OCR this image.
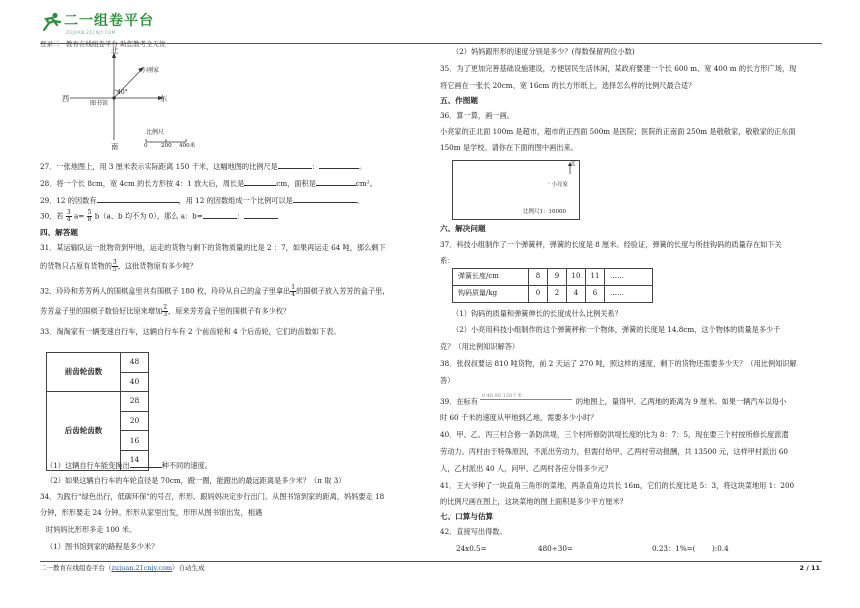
二一组卷平台
ZUJUAN.21CNJY.COM
登录二一教育在线组卷平台 助您教考全无忧
北
西	东
南
图书馆
小刚家
40°
比例尺
0 200 400米
27．一张地图上，用 3 厘米表示实际距离 150 千米，这幅地图的比例尺是	：	。
28．将一个长 8cm，宽 4cm 的长方形按 4：1 放大后，周长是	cm，面积是	cm²。
29．12 的因数有	，用 12 的因数组成一个比例可以是	。
30．若 $\frac{3}{4} a= \frac{5}{8} b(a$、b 均不为 0），那么 a：b=	：
四、解答题
31．某运输队运一批物资到甲地，运走的货物与剩下的货物质量的比是 2 ：7，如果再运走 64 吨，那么剩下
的货物只占原有货物的 $\frac{3}{5}$ ，这批货物原有多少吨？
32．玲玲和芳芳两人的围棋盒里共有围棋子 180 枚，玲玲从自己的盒子里拿出 $\frac{1}{4}$ 的围棋子放入芳芳的盒子里，
芳芳盒子里的围棋子数恰好比原来增加 $\frac{2}{3}$ ，原来芳芳盒子里的围棋子有多少枚？
33．淘淘家有一辆变速自行车，这辆自行车有 2 个前齿轮和 4 个后齿轮，它们的齿数如下表。
前齿轮齿数	48
	40
后齿轮齿数	28
	20
	16
	14
（1）这辆自行车能变换出	种不同的速度。
（2）如果这辆自行车的车轮直径是 70cm，蹬一圈，能蹬出的最远距离是多少米？（π 取 3）
34．为践行“绿色出行，低碳环保”的号召，形形、跟妈妈决定步行出门。从图书馆到家的距离，妈妈要走 18
分钟，形形要走 24 分钟。形形从家里出发，形形从图书馆出发，相遇
时妈妈比形形多走 100 米。
（1）图书馆到家的路程是多少米？
（2）妈妈跟形形的速度分别是多少？(得数保留两位小数)
35．为了更加完善基础设施建设，方便居民生活休闲，某政府要建一个长 600 m、宽 400 m 的长方形广场，现
将它画在一张长 20cm、宽 16cm 的长方形纸上，选择怎么样的比例尺最合适？
五、作图题
36．算一算，画一画。
小亮家的正北面 100m 是超市，超市的正西面 500m 是医院；医院的正南面 250m 是敬敬家，敬敬家的正东面
150m 是学校。请你在下面的图中画出来。
北
· 小亮家
比例尺1：10000
六、解决问题
37．科技小组制作了一个弹簧秤，弹簧的长度是 8 厘米。经验证，弹簧的长度与所挂钩码的质量存在如下关
系：
弹簧长度/cm	8	9	10	11	……
钩码质量/kg	0	2	4	6	……
（1）钩码的质量和弹簧伸长的长度成什么比例关系？
（2）小亮用科技小组制作的这个弹簧秤称一个物体，弹簧的长度是 14.8cm，这个物体的质量是多少千
克？（用比例知识解答）
38．张叔叔要运 810 吨货物，前 2 天运了 270 吨，照这样的速度，剩下的货物还需要多少天？（用比例知识解
答）
39．在标有
0 40 80 120千米
的地图上，量得甲、乙两地的距离为 9 厘米。如果一辆汽车以每小
时 60 千米的速度从甲地到乙地，需要多少小时？
40．甲、乙、丙三村合修一条防洪堤，三个村所修防洪堤长度的比为 8：7：5，现在要三个村按所修长度派遣
劳动力。丙村由于特殊原因，不派出劳动力，但需付给甲、乙两村劳动报酬，共 13500 元，这样甲村派出 60
人，乙村派出 40 人，问甲、乙两村各应分得多少元？
41．王大爷种了一块直角三角形的菜地，两条直角边共长 16m，它们的长度比是 5：3，将这块菜地用 1：200
的比例尺画在图上，这块菜地的图上面积是多少平方厘米？
七、口算与估算
42．直接写出得数。
24x0.5=	480÷30=	0.23：1%=( ):0.4
二一教育在线组卷平台（zujuan.21cnjy.com）自动生成	2 / 11
